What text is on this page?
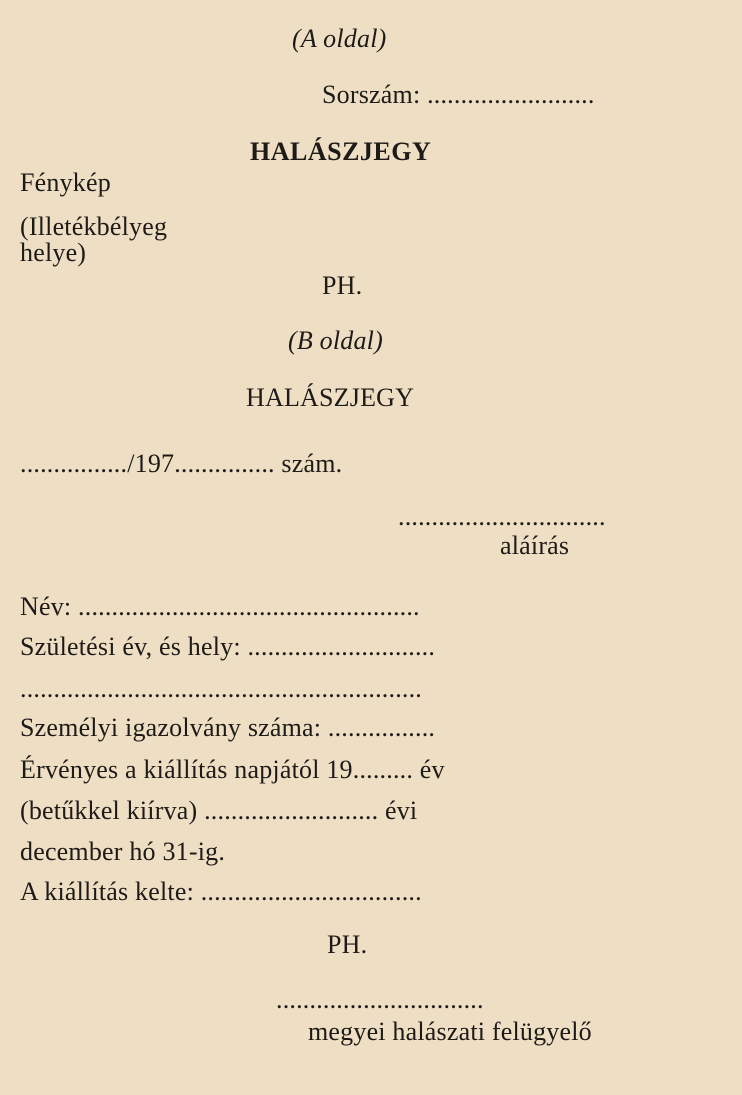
(A oldal)
Sorszám: .........................
HALÁSZJEGY
Fénykép
(Illetékbélyeg
helye)
PH.
(B oldal)
HALÁSZJEGY
................/197............... szám.
...............................
aláírás
Név: ...................................................
Születési év, és hely: ............................
............................................................
Személyi igazolvány száma: ................
Érvényes a kiállítás napjától 19......... év
(betűkkel kiírva) .......................... évi
december hó 31-ig.
A kiállítás kelte: .................................
PH.
...............................
megyei halászati felügyelő
